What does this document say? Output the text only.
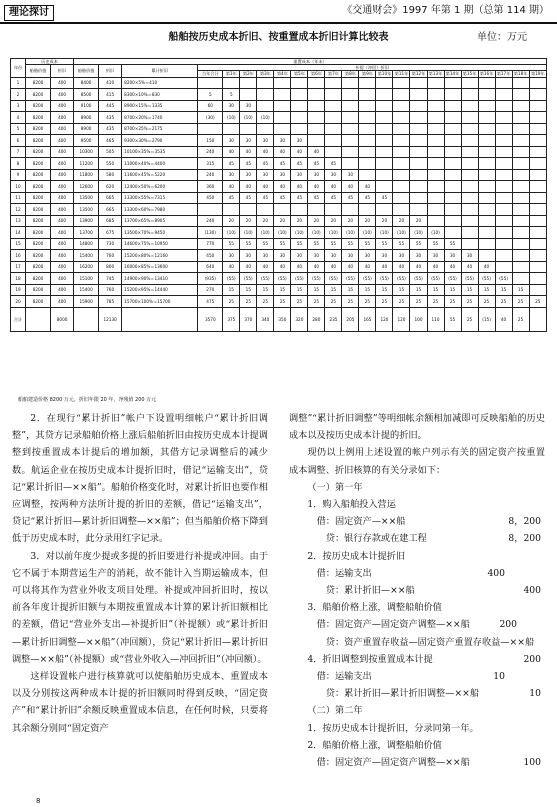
理论探讨	《交通财会》1997 年第 1 期（总第 114 期）
船舶按历史成本折旧、按重置成本折旧计算比较表	单位：万元
年份	历史成本		重置成本（年末）																						
	船舶价值	折旧	船舶价值	折旧	累计折旧	补提（冲回）折旧																			
						当年合计	第1年	第2年	第3年	第4年	第5年	第6年	第7年	第8年	第9年	第10年	第11年	第12年	第13年	第14年	第15年	第16年	第17年	第18年	第19年
1	8200	400	8400	410	8200×5%＝410																				
2	8200	400	8500	415	8300×10%＝830	5	5																		
3	8200	400	9100	445	8900×15%＝1335	60	30	30																	
4	8200	400	8900	435	8700×20%＝1740	(30)	(10)	(10)	(10)																
5	8200	400	8900	435	8700×25%＝2175																				
6	8200	400	9500	465	9300×30%＝2790	150	30	30	30	30	30														
7	8200	400	10300	505	10100×35%＝3535	240	40	40	40	40	40	40													
8	8200	400	11200	550	11000×40%＝4400	315	45	45	45	45	45	45	45												
9	8200	400	11800	580	11600×45%＝5220	240	30	30	30	30	30	30	30	30											
10	8200	400	12600	620	12400×50%＝6200	360	40	40	40	40	40	40	40	40	40										
11	8200	400	13500	665	13300×55%＝7315	450	45	45	45	45	45	45	45	45	45	45									
12	8200	400	13500	665	13300×60%＝7980																				
13	8200	400	13900	685	13700×65%＝8905	240	20	20	20	20	20	20	20	20	20	20	20	20							
14	8200	400	13700	675	13500×70%＝9450	(130)	(10)	(10)	(10)	(10)	(10)	(10)	(10)	(10)	(10)	(10)	(10)	(10)	(10)						
15	8200	400	14800	730	14600×75%＝10950	770	55	55	55	55	55	55	55	55	55	55	55	55	55	55					
16	8200	400	15400	760	15200×80%＝12160	450	30	30	30	30	30	30	30	30	30	30	30	30	30	30	30				
17	8200	400	16200	800	16000×85%＝13600	640	40	40	40	40	40	40	40	40	40	40	40	40	40	40	40	40			
18	8200	400	15100	745	14900×90%＝13410	(935)	(55)	(55)	(55)	(55)	(55)	(55)	(55)	(55)	(55)	(55)	(55)	(55)	(55)	(55)	(55)	(55)	(55)		
19	8200	400	15400	760	15200×95%＝14440	270	15	15	15	15	15	15	15	15	15	15	15	15	15	15	15	15	15	15	
20	8200	400	15900	785	15700×100%＝15700	475	25	25	25	25	25	25	25	25	25	25	25	25	25	25	25	25	25	25	25
合计		8000		12130		3570	375	370	340	350	320	280	235	205	165	120	120	100	110	55	25	(15)	40	25	
船舶建造价格 8200 万元，折旧年限 20 年，净残值 200 万元

2．在现行“累计折旧”帐户下设置明细帐户“累计折旧调整”，其贷方记录船舶价格上涨后船舶折旧由按历史成本计提调整到按重置成本计提后的增加额，其借方记录调整后的减少数。航运企业在按历史成本计提折旧时，借记“运输支出”，贷记“累计折旧—××船”。船舶价格变化时，对累计折旧也要作相应调整，按两种方法所计提的折旧的差额，借记“运输支出”，贷记“累计折旧—累计折旧调整—××船”；但当船舶价格下降到低于历史成本时，此分录用红字记录。

3．对以前年度少提或多提的折旧要进行补提或冲回。由于它不属于本期营运生产的消耗，故不能计入当期运输成本，但可以将其作为营业外收支项目处理。补提或冲回折旧时，按以前各年度计提折旧额与本期按重置成本计算的累计折旧额相比的差额，借记“营业外支出—补提折旧”（补提额）或“累计折旧—累计折旧调整—××船”（冲回额），贷记“累计折旧—累计折旧调整—××船”（补提额）或“营业外收入—冲回折旧”（冲回额）。

这样设置帐户进行核算就可以使船舶历史成本、重置成本以及分别按这两种成本计提的折旧额同时得到反映，“固定资产”和“累计折旧”余额反映重置成本信息，在任何时候，只要将其余额分别同“固定资产

调整”“累计折旧调整”等明细帐余额相加减即可反映船舶的历史成本以及按历史成本计提的折旧。

现仍以上例用上述设置的帐户列示有关的固定资产按重置成本调整、折旧核算的有关分录如下：

（一）第一年

1．购入船舶投入营运

借：固定资产—××船	8，200

贷：银行存款或在建工程	8，200

2．按历史成本计提折旧

借：运输支出	400

贷：累计折旧—××船	400

3．船舶价格上涨，调整船舶价值

借：固定资产—固定资产调整—××船	200

贷：资产重置存收益—固定资产重置存收益—××船
200

4．折旧调整到按重置成本计提

借：运输支出	10

贷：累计折旧—累计折旧调整—××船	10

（二）第二年

1．按历史成本计提折旧，分录同第一年。

2．船舶价格上涨，调整船舶价值

借：固定资产—固定资产调整—××船	100

8
